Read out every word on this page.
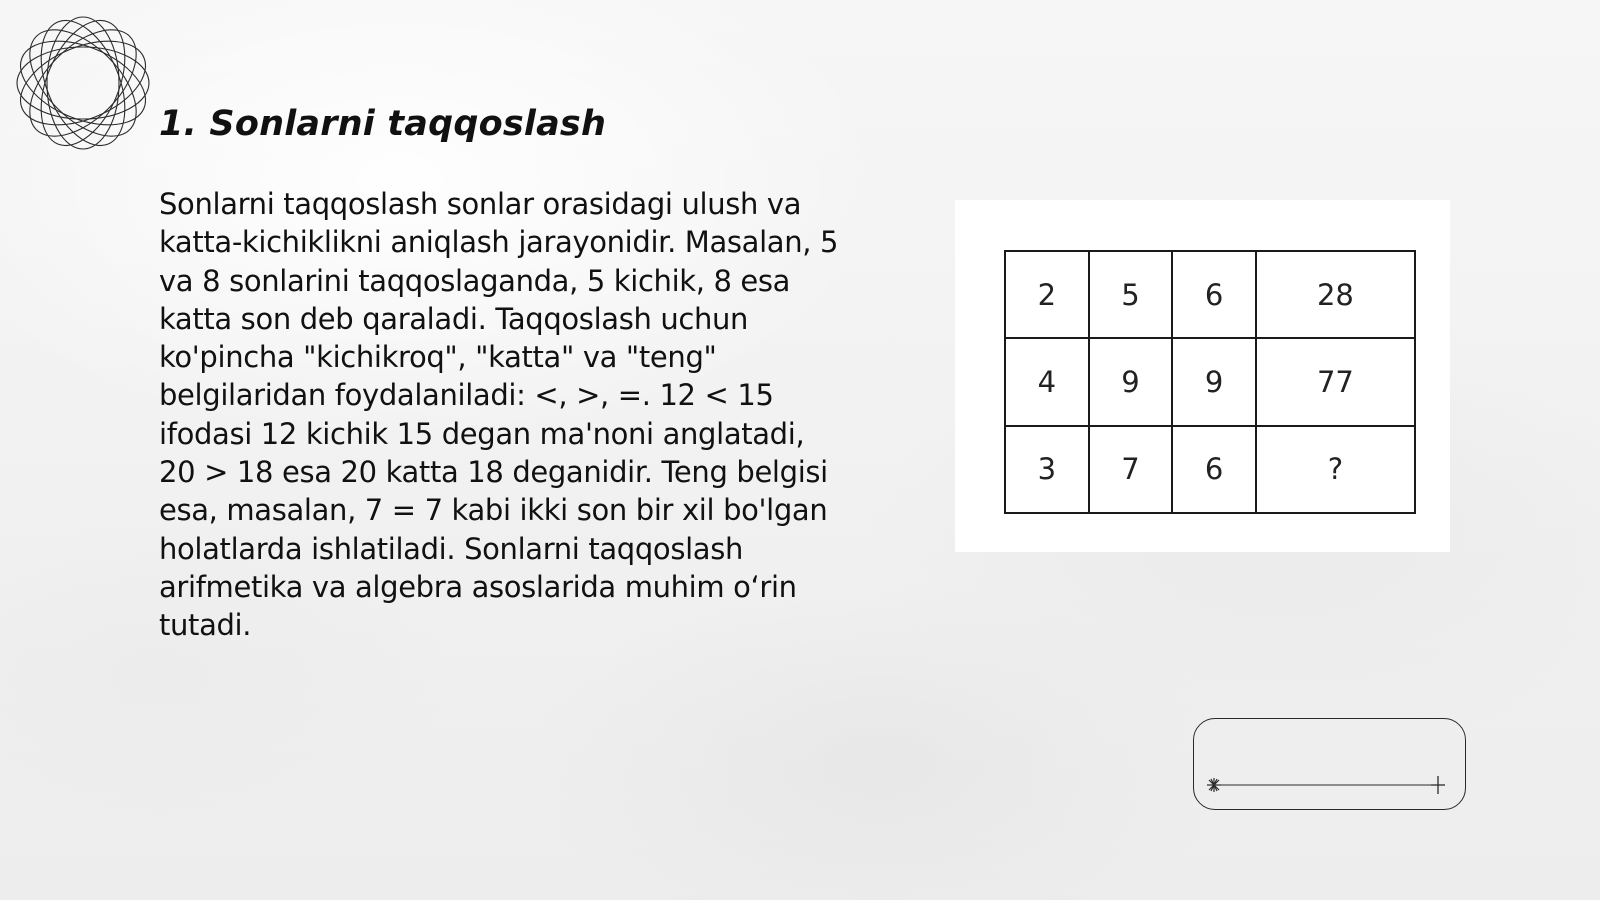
1. Sonlarni taqqoslash

Sonlarni taqqoslash sonlar orasidagi ulush va katta-kichiklikni aniqlash jarayonidir. Masalan, 5 va 8 sonlarini taqqoslaganda, 5 kichik, 8 esa katta son deb qaraladi. Taqqoslash uchun ko'pincha "kichikroq", "katta" va "teng" belgilaridan foydalaniladi: <, >, =. 12 < 15 ifodasi 12 kichik 15 degan ma'noni anglatadi, 20 > 18 esa 20 katta 18 deganidir. Teng belgisi esa, masalan, 7 = 7 kabi ikki son bir xil bo'lgan holatlarda ishlatiladi. Sonlarni taqqoslash arifmetika va algebra asoslarida muhim o‘rin tutadi.

2	5	6	28
4	9	9	77
3	7	6	?
